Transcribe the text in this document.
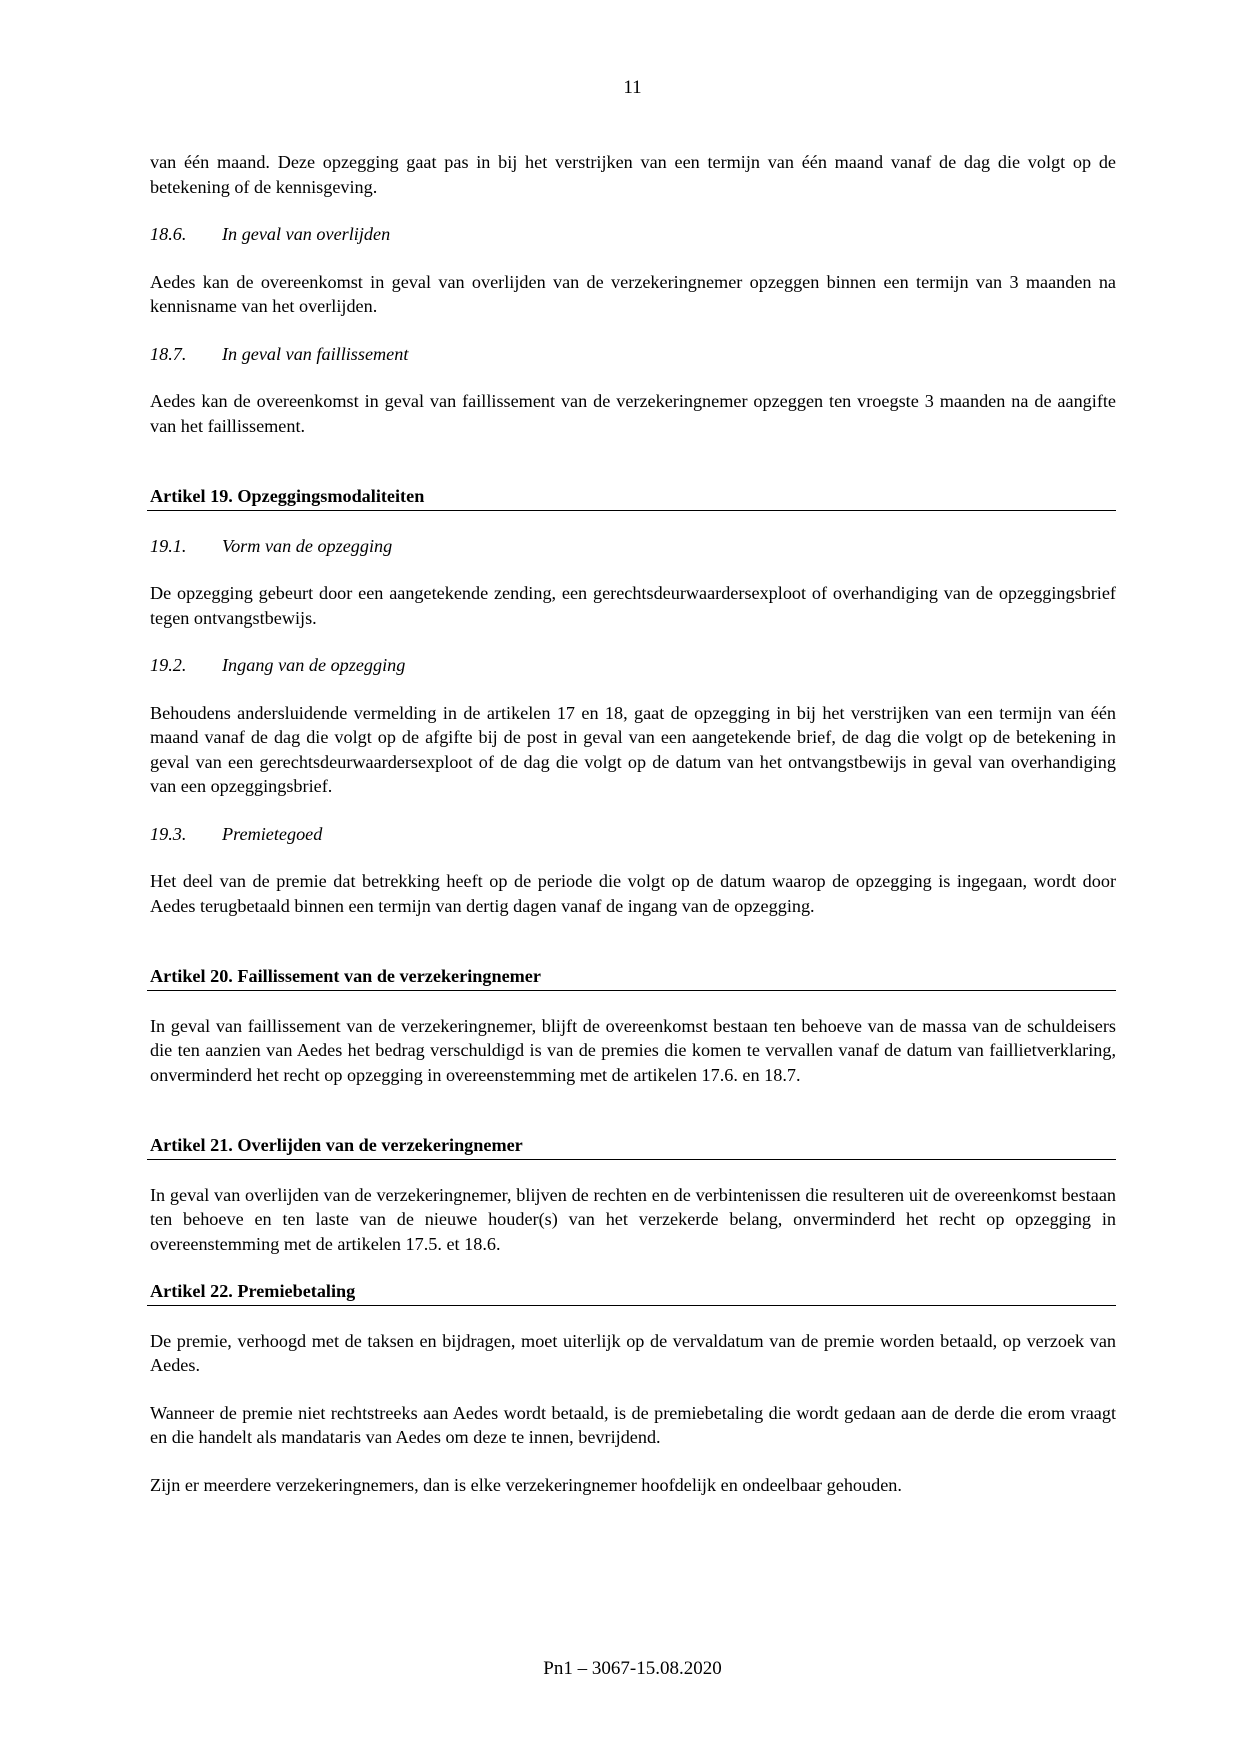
11

van één maand. Deze opzegging gaat pas in bij het verstrijken van een termijn van één maand vanaf de dag die volgt op de betekening of de kennisgeving.

18.6.	In geval van overlijden

Aedes kan de overeenkomst in geval van overlijden van de verzekeringnemer opzeggen binnen een termijn van 3 maanden na kennisname van het overlijden.

18.7.	In geval van faillissement

Aedes kan de overeenkomst in geval van faillissement van de verzekeringnemer opzeggen ten vroegste 3 maanden na de aangifte van het faillissement.

Artikel 19. Opzeggingsmodaliteiten
19.1.	Vorm van de opzegging

De opzegging gebeurt door een aangetekende zending, een gerechtsdeurwaardersexploot of overhandiging van de opzeggingsbrief tegen ontvangstbewijs.

19.2.	Ingang van de opzegging

Behoudens andersluidende vermelding in de artikelen 17 en 18, gaat de opzegging in bij het verstrijken van een termijn van één maand vanaf de dag die volgt op de afgifte bij de post in geval van een aangetekende brief, de dag die volgt op de betekening in geval van een gerechtsdeurwaardersexploot of de dag die volgt op de datum van het ontvangstbewijs in geval van overhandiging van een opzeggingsbrief.

19.3.	Premietegoed

Het deel van de premie dat betrekking heeft op de periode die volgt op de datum waarop de opzegging is ingegaan, wordt door Aedes terugbetaald binnen een termijn van dertig dagen vanaf de ingang van de opzegging.

Artikel 20. Faillissement van de verzekeringnemer

In geval van faillissement van de verzekeringnemer, blijft de overeenkomst bestaan ten behoeve van de massa van de schuldeisers die ten aanzien van Aedes het bedrag verschuldigd is van de premies die komen te vervallen vanaf de datum van faillietverklaring, onverminderd het recht op opzegging in overeenstemming met de artikelen 17.6. en 18.7.

Artikel 21. Overlijden van de verzekeringnemer

In geval van overlijden van de verzekeringnemer, blijven de rechten en de verbintenissen die resulteren uit de overeenkomst bestaan ten behoeve en ten laste van de nieuwe houder(s) van het verzekerde belang, onverminderd het recht op opzegging in overeenstemming met de artikelen 17.5. et 18.6.

Artikel 22. Premiebetaling

De premie, verhoogd met de taksen en bijdragen, moet uiterlijk op de vervaldatum van de premie worden betaald, op verzoek van Aedes.

Wanneer de premie niet rechtstreeks aan Aedes wordt betaald, is de premiebetaling die wordt gedaan aan de derde die erom vraagt en die handelt als mandataris van Aedes om deze te innen, bevrijdend.

Zijn er meerdere verzekeringnemers, dan is elke verzekeringnemer hoofdelijk en ondeelbaar gehouden.

Pn1 – 3067-15.08.2020
